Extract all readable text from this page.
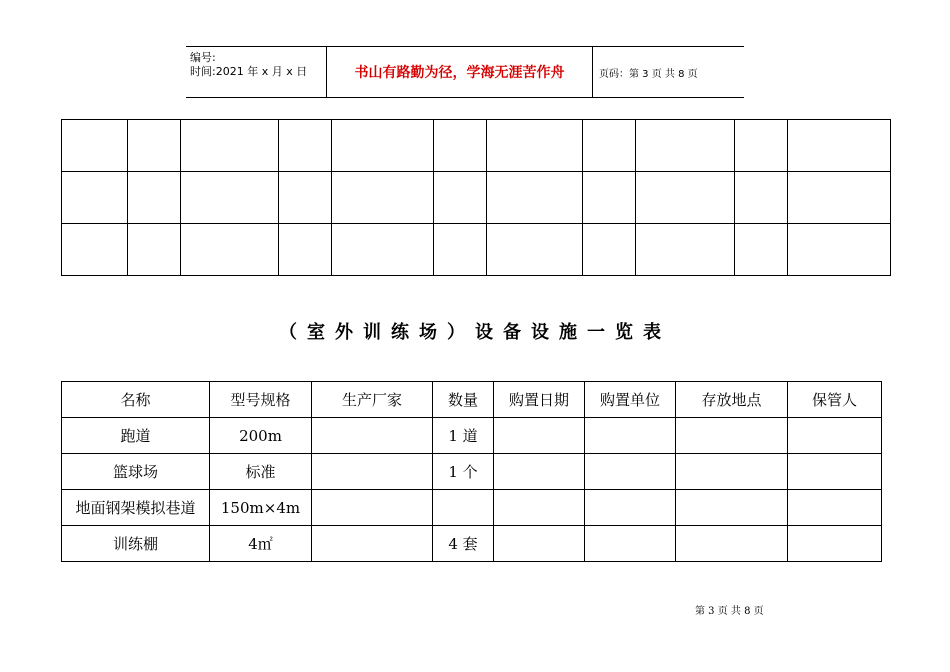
编号:
时间:2021 年 x 月 x 日	书山有路勤为径，学海无涯苦作舟	页码：第 3 页 共 8 页

（室外训练场）设备设施一览表
名称	型号规格	生产厂家	数量	购置日期	购置单位	存放地点	保管人
跑道	200m		1 道				
篮球场	标准		1 个				
地面钢架模拟巷道	150m×4m						
训练棚	4㎡		4 套				
第 3 页 共 8 页
